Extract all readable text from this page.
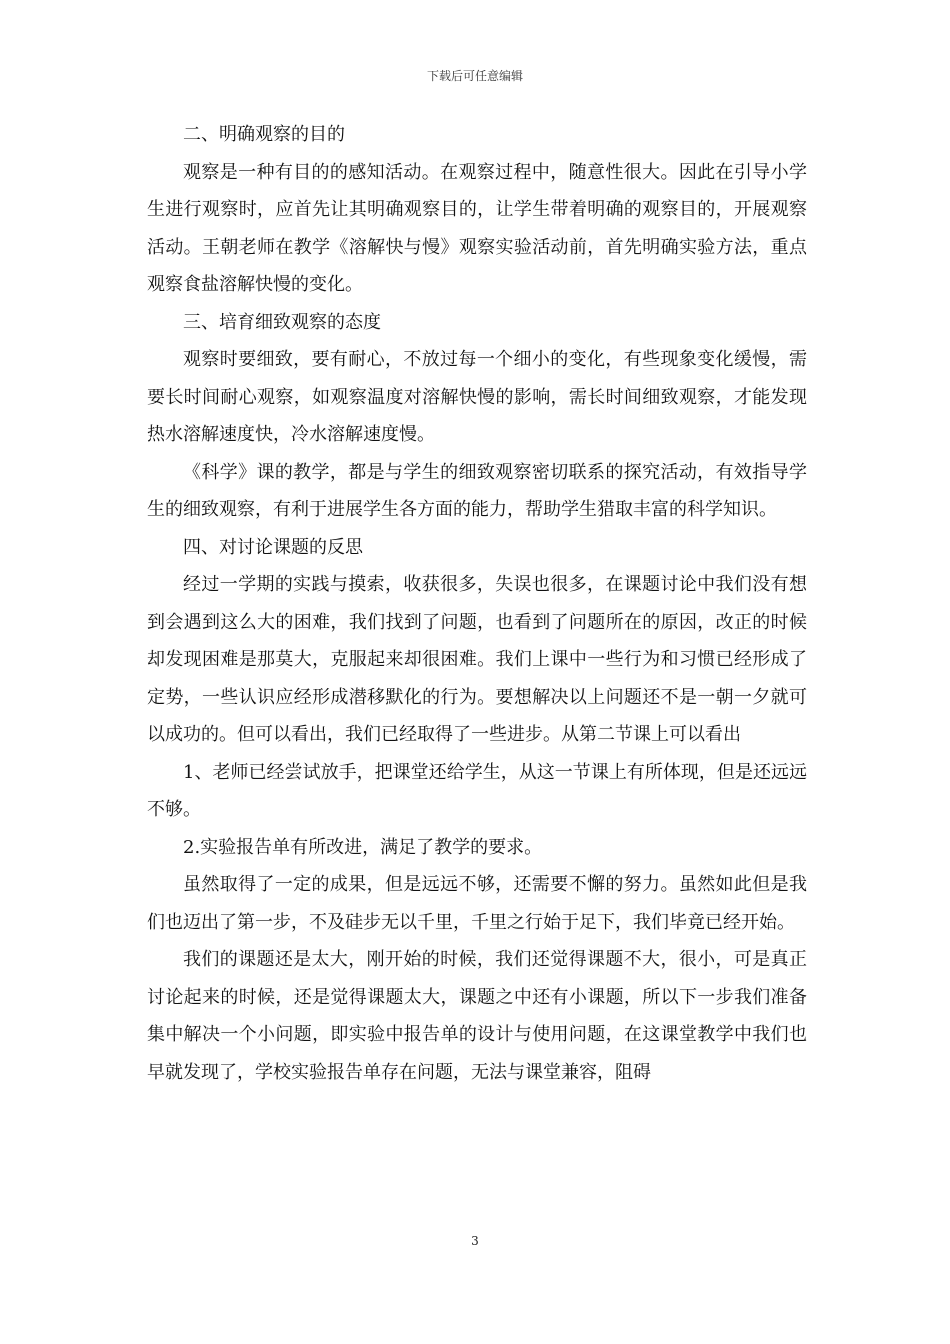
下载后可任意编辑

二、明确观察的目的

观察是一种有目的的感知活动。在观察过程中，随意性很大。因此在引导小学生进行观察时，应首先让其明确观察目的，让学生带着明确的观察目的，开展观察活动。王朝老师在教学《溶解快与慢》观察实验活动前，首先明确实验方法，重点观察食盐溶解快慢的变化。

三、培育细致观察的态度

观察时要细致，要有耐心，不放过每一个细小的变化，有些现象变化缓慢，需要长时间耐心观察，如观察温度对溶解快慢的影响，需长时间细致观察，才能发现热水溶解速度快，冷水溶解速度慢。

《科学》课的教学，都是与学生的细致观察密切联系的探究活动，有效指导学生的细致观察，有利于进展学生各方面的能力，帮助学生猎取丰富的科学知识。

四、对讨论课题的反思

经过一学期的实践与摸索，收获很多，失误也很多，在课题讨论中我们没有想到会遇到这么大的困难，我们找到了问题，也看到了问题所在的原因，改正的时候却发现困难是那莫大，克服起来却很困难。我们上课中一些行为和习惯已经形成了定势，一些认识应经形成潜移默化的行为。要想解决以上问题还不是一朝一夕就可以成功的。但可以看出，我们已经取得了一些进步。从第二节课上可以看出

1、老师已经尝试放手，把课堂还给学生，从这一节课上有所体现，但是还远远不够。

2.实验报告单有所改进，满足了教学的要求。

虽然取得了一定的成果，但是远远不够，还需要不懈的努力。虽然如此但是我们也迈出了第一步，不及硅步无以千里，千里之行始于足下，我们毕竟已经开始。

我们的课题还是太大，刚开始的时候，我们还觉得课题不大，很小，可是真正讨论起来的时候，还是觉得课题太大，课题之中还有小课题，所以下一步我们准备集中解决一个小问题，即实验中报告单的设计与使用问题，在这课堂教学中我们也早就发现了，学校实验报告单存在问题，无法与课堂兼容，阻碍

3
